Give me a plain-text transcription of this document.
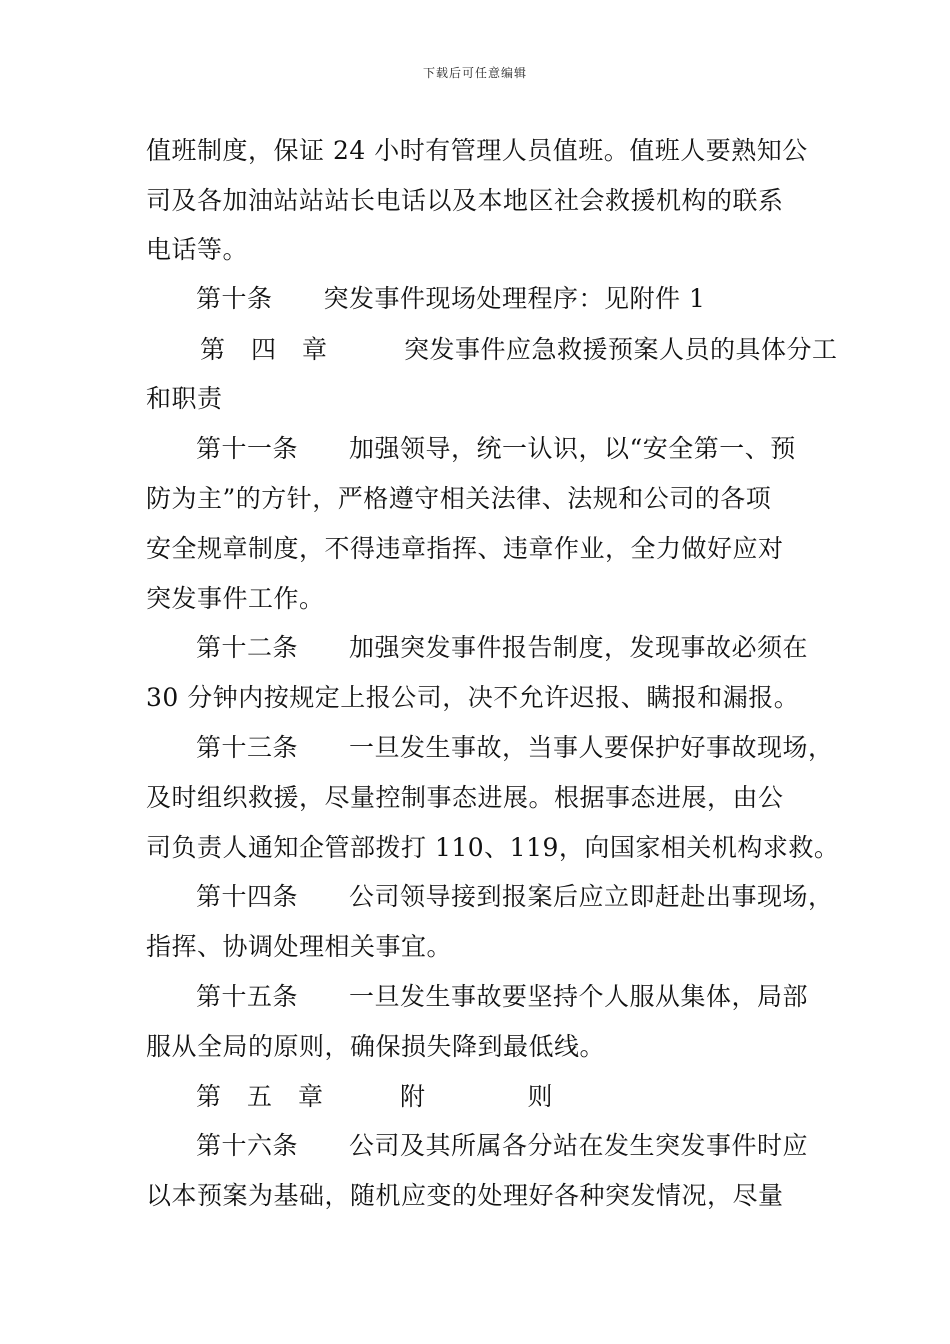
下载后可任意编辑
值班制度，保证 24 小时有管理人员值班。值班人要熟知公
司及各加油站站站长电话以及本地区社会救援机构的联系
电话等。
第十条　　突发事件现场处理程序：见附件 1
第　四　章　　　突发事件应急救援预案人员的具体分工
和职责
第十一条　　加强领导，统一认识，以“安全第一、预
防为主”的方针，严格遵守相关法律、法规和公司的各项
安全规章制度，不得违章指挥、违章作业，全力做好应对
突发事件工作。
第十二条　　加强突发事件报告制度，发现事故必须在
30 分钟内按规定上报公司，决不允许迟报、瞒报和漏报。
第十三条　　一旦发生事故，当事人要保护好事故现场，
及时组织救援，尽量控制事态进展。根据事态进展，由公
司负责人通知企管部拨打 110、119，向国家相关机构求救。
第十四条　　公司领导接到报案后应立即赶赴出事现场，
指挥、协调处理相关事宜。
第十五条　　一旦发生事故要坚持个人服从集体，局部
服从全局的原则，确保损失降到最低线。
第　五　章　　　附　　　　则
第十六条　　公司及其所属各分站在发生突发事件时应
以本预案为基础，随机应变的处理好各种突发情况，尽量
